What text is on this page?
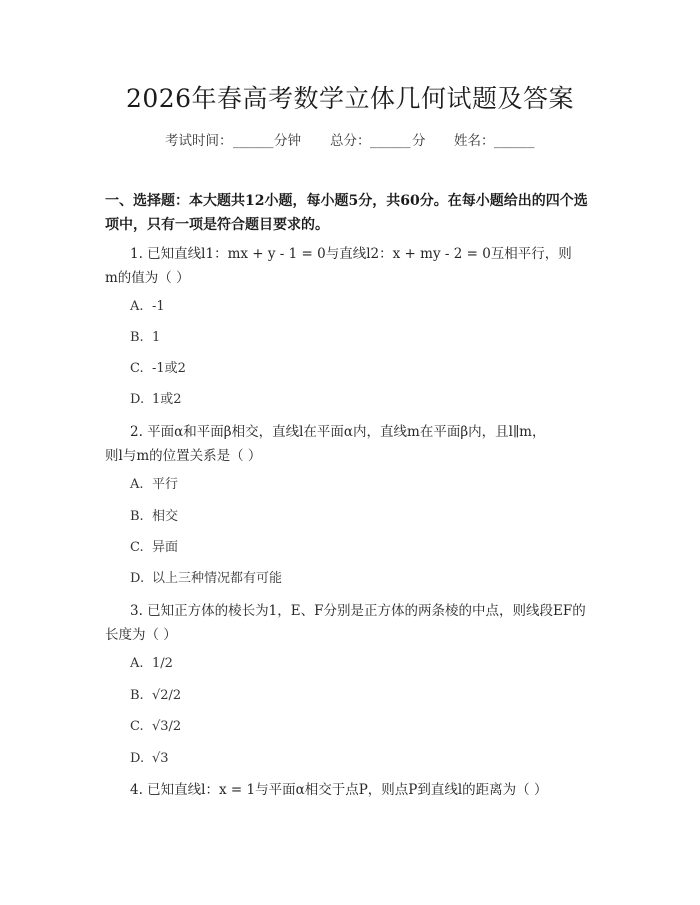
2026年春高考数学立体几何试题及答案
考试时间： ______ 分钟 总分： ______ 分 姓名： ______
一、选择题：本大题共12小题，每小题5分，共60分。在每小题给出的四个选
项中，只有一项是符合题目要求的。
1. 已知直线l1：mx + y - 1 = 0与直线l2：x + my - 2 = 0互相平行，则
m的值为（ ）
A. -1
B. 1
C. -1或2
D. 1或2
2. 平面α和平面β相交，直线l在平面α内，直线m在平面β内，且l∥m，
则l与m的位置关系是（ ）
A. 平行
B. 相交
C. 异面
D. 以上三种情况都有可能
3. 已知正方体的棱长为1，E、F分别是正方体的两条棱的中点，则线段EF的
长度为（ ）
A. 1/2
B. √2/2
C. √3/2
D. √3
4. 已知直线l：x = 1与平面α相交于点P，则点P到直线l的距离为（ ）
